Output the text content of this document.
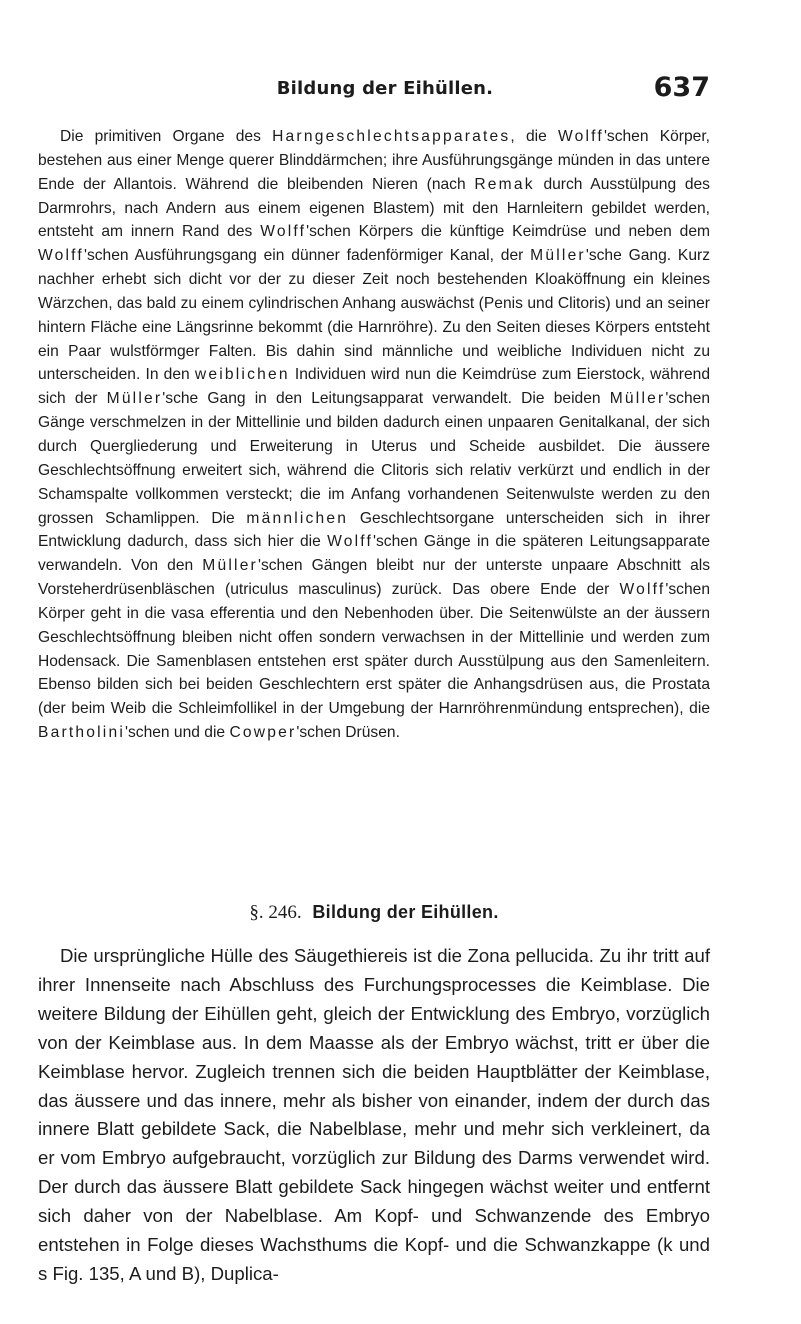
Bildung der Eihüllen.	637

Die primitiven Organe des Harngeschlechtsapparates, die Wolff'schen Körper, bestehen aus einer Menge querer Blinddärmchen; ihre Ausführungsgänge münden in das untere Ende der Allantois. Während die bleibenden Nieren (nach Remak durch Ausstülpung des Darmrohrs, nach Andern aus einem eigenen Blastem) mit den Harnleitern gebildet werden, entsteht am innern Rand des Wolff'schen Körpers die künftige Keimdrüse und neben dem Wolff'schen Ausführungsgang ein dünner fadenförmiger Kanal, der Müller'sche Gang. Kurz nachher erhebt sich dicht vor der zu dieser Zeit noch bestehenden Kloaköffnung ein kleines Wärzchen, das bald zu einem cylindrischen Anhang auswächst (Penis und Clitoris) und an seiner hintern Fläche eine Längsrinne bekommt (die Harnröhre). Zu den Seiten dieses Körpers entsteht ein Paar wulstförmger Falten. Bis dahin sind männliche und weibliche Individuen nicht zu unterscheiden. In den weiblichen Individuen wird nun die Keimdrüse zum Eierstock, während sich der Müller'sche Gang in den Leitungsapparat verwandelt. Die beiden Müller'schen Gänge verschmelzen in der Mittellinie und bilden dadurch einen unpaaren Genitalkanal, der sich durch Quergliederung und Erweiterung in Uterus und Scheide ausbildet. Die äussere Geschlechtsöffnung erweitert sich, während die Clitoris sich relativ verkürzt und endlich in der Schamspalte vollkommen versteckt; die im Anfang vorhandenen Seitenwulste werden zu den grossen Schamlippen. Die männlichen Geschlechtsorgane unterscheiden sich in ihrer Entwicklung dadurch, dass sich hier die Wolff'schen Gänge in die späteren Leitungsapparate verwandeln. Von den Müller'schen Gängen bleibt nur der unterste unpaare Abschnitt als Vorsteherdrüsenbläschen (utriculus masculinus) zurück. Das obere Ende der Wolff'schen Körper geht in die vasa efferentia und den Nebenhoden über. Die Seitenwülste an der äussern Geschlechtsöffnung bleiben nicht offen sondern verwachsen in der Mittellinie und werden zum Hodensack. Die Samenblasen entstehen erst später durch Ausstülpung aus den Samenleitern. Ebenso bilden sich bei beiden Geschlechtern erst später die Anhangsdrüsen aus, die Prostata (der beim Weib die Schleimfollikel in der Umgebung der Harnröhrenmündung entsprechen), die Bartholini'schen und die Cowper'schen Drüsen.

§. 246. Bildung der Eihüllen.

Die ursprüngliche Hülle des Säugethiereis ist die Zona pellucida. Zu ihr tritt auf ihrer Innenseite nach Abschluss des Furchungsprocesses die Keimblase. Die weitere Bildung der Eihüllen geht, gleich der Entwicklung des Embryo, vorzüglich von der Keimblase aus. In dem Maasse als der Embryo wächst, tritt er über die Keimblase hervor. Zugleich trennen sich die beiden Hauptblätter der Keimblase, das äussere und das innere, mehr als bisher von einander, indem der durch das innere Blatt gebildete Sack, die Nabelblase, mehr und mehr sich verkleinert, da er vom Embryo aufgebraucht, vorzüglich zur Bildung des Darms verwendet wird. Der durch das äussere Blatt gebildete Sack hingegen wächst weiter und entfernt sich daher von der Nabelblase. Am Kopf- und Schwanzende des Embryo entstehen in Folge dieses Wachsthums die Kopf- und die Schwanzkappe (k und s Fig. 135, A und B), Duplica-
